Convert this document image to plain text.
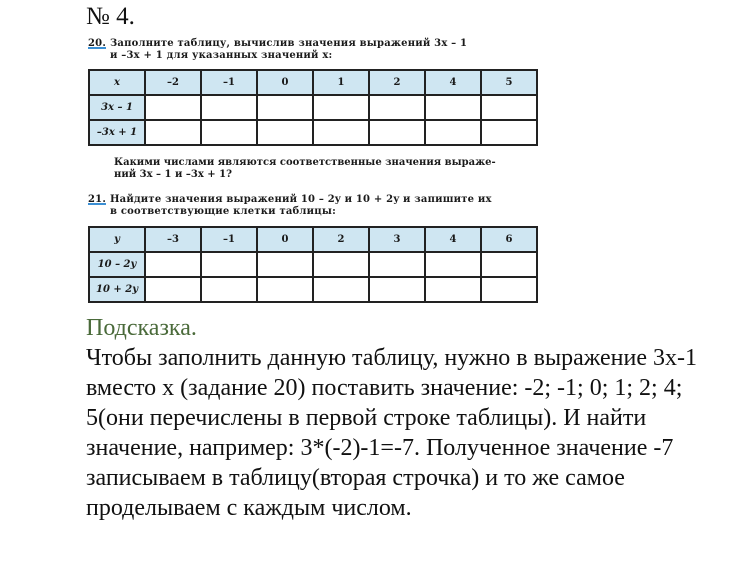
№ 4.
20. Заполните таблицу, вычислив значения выражений 3x – 1
и –3x + 1 для указанных значений x:
x	–2	–1	0	1	2	4	5
3x – 1							
–3x + 1							
Какими числами являются соответственные значения выраже-
ний 3x – 1 и –3x + 1?
21. Найдите значения выражений 10 – 2y и 10 + 2y и запишите их
в соответствующие клетки таблицы:
y	–3	–1	0	2	3	4	6
10 – 2y							
10 + 2y							
Подсказка.
Чтобы заполнить данную таблицу, нужно в выражение 3х-1 вместо х (задание 20) поставить значение: -2; -1; 0; 1; 2; 4; 5(они перечислены в первой строке таблицы). И найти значение, например: 3*(-2)-1=-7. Полученное значение -7 записываем в таблицу(вторая строчка) и то же самое проделываем с каждым числом.
